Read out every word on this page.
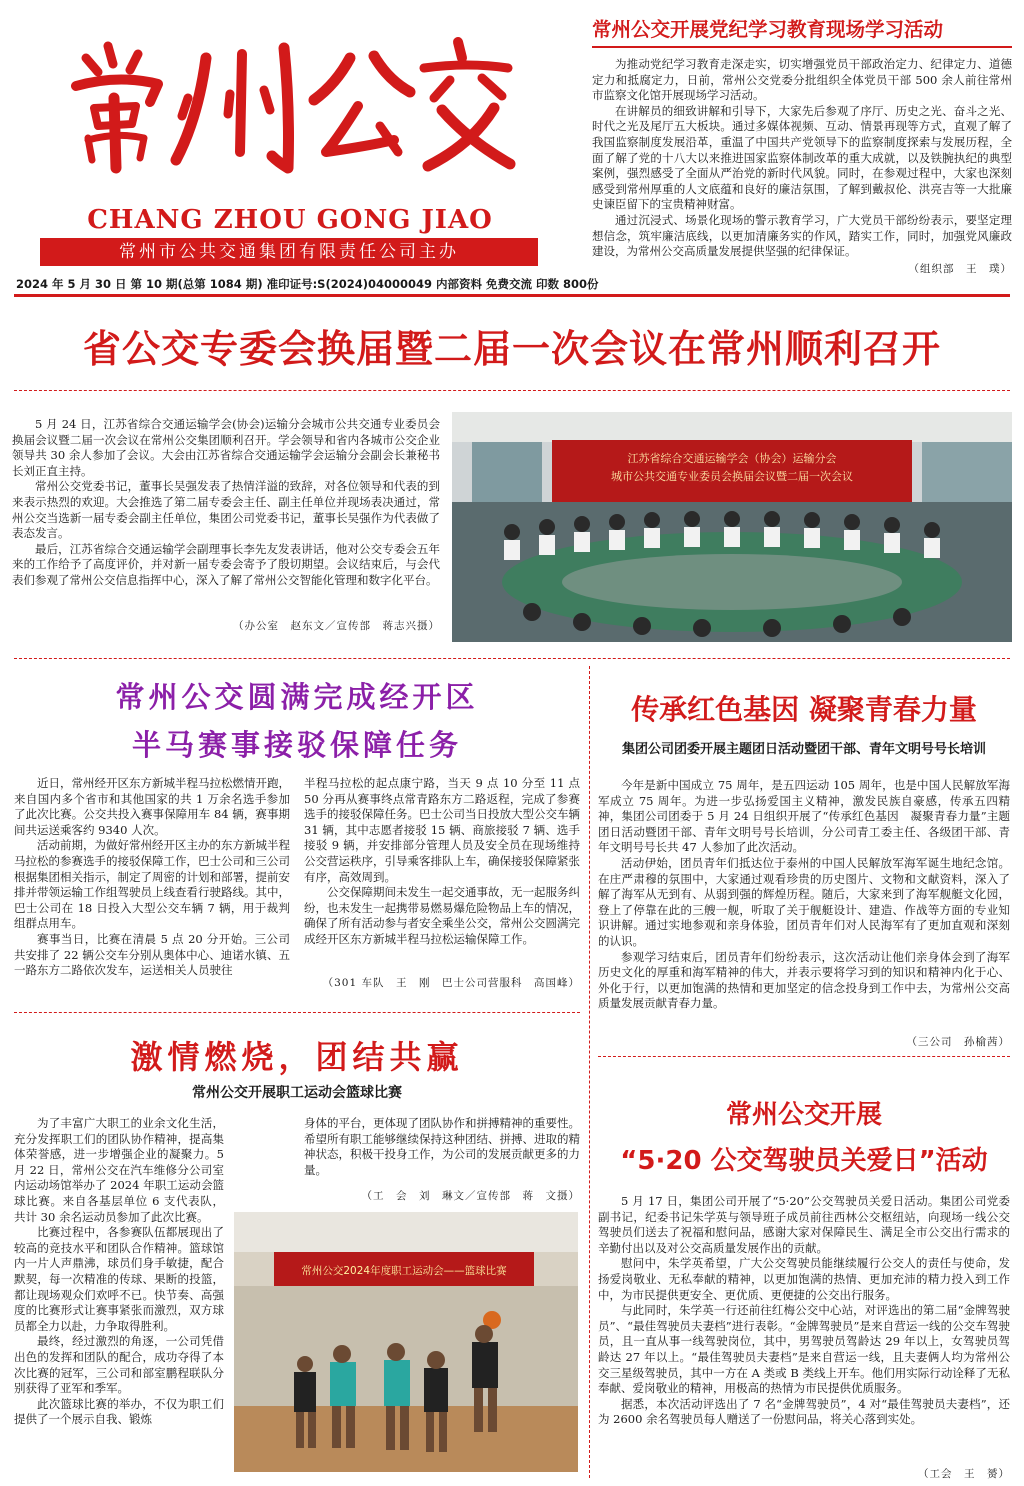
CHANG ZHOU GONG JIAO
常州市公共交通集团有限责任公司主办
2024 年 5 月 30 日 第 10 期(总第 1084 期) 准印证号:S(2024)04000049 内部资料 免费交流 印数 800份
常州公交开展党纪学习教育现场学习活动

为推动党纪学习教育走深走实，切实增强党员干部政治定力、纪律定力、道德定力和抵腐定力，日前，常州公交党委分批组织全体党员干部 500 余人前往常州市监察文化馆开展现场学习活动。

在讲解员的细致讲解和引导下，大家先后参观了序厅、历史之光、奋斗之光、时代之光及尾厅五大板块。通过多媒体视频、互动、情景再现等方式，直观了解了我国监察制度发展沿革，重温了中国共产党领导下的监察制度探索与发展历程，全面了解了党的十八大以来推进国家监察体制改革的重大成就，以及铁腕执纪的典型案例，强烈感受了全面从严治党的新时代风貌。同时，在参观过程中，大家也深刻感受到常州厚重的人文底蕴和良好的廉洁氛围，了解到戴叔伦、洪亮吉等一大批廉史谏臣留下的宝贵精神财富。

通过沉浸式、场景化现场的警示教育学习，广大党员干部纷纷表示，要坚定理想信念，筑牢廉洁底线，以更加清廉务实的作风，踏实工作，同时，加强党风廉政建设，为常州公交高质量发展提供坚强的纪律保证。

（组织部　王　璞）
省公交专委会换届暨二届一次会议在常州顺利召开

5 月 24 日，江苏省综合交通运输学会(协会)运输分会城市公共交通专业委员会换届会议暨二届一次会议在常州公交集团顺利召开。学会领导和省内各城市公交企业领导共 30 余人参加了会议。大会由江苏省综合交通运输学会运输分会副会长兼秘书长刘正直主持。

常州公交党委书记，董事长吴强发表了热情洋溢的致辞，对各位领导和代表的到来表示热烈的欢迎。大会推选了第二届专委会主任、副主任单位并现场表决通过，常州公交当选新一届专委会副主任单位，集团公司党委书记，董事长吴强作为代表做了表态发言。

最后，江苏省综合交通运输学会副理事长李先友发表讲话，他对公交专委会五年来的工作给予了高度评价，并对新一届专委会寄予了殷切期望。会议结束后，与会代表们参观了常州公交信息指挥中心，深入了解了常州公交智能化管理和数字化平台。

（办公室　赵东文／宣传部　蒋志兴摄）
江苏省综合交通运输学会（协会）运输分会
城市公共交通专业委员会换届会议暨二届一次会议
常州公交圆满完成经开区
半马赛事接驳保障任务

近日，常州经开区东方新城半程马拉松燃情开跑，来自国内多个省市和其他国家的共 1 万余名选手参加了此次比赛。公交共投入赛事保障用车 84 辆，赛事期间共运送乘客约 9340 人次。

活动前期，为做好常州经开区主办的东方新城半程马拉松的参赛选手的接驳保障工作，巴士公司和三公司根据集团相关指示，制定了周密的计划和部署，提前安排并带领运输工作组驾驶员上线查看行驶路线。其中，巴士公司在 18 日投入大型公交车辆 7 辆，用于裁判组群点用车。

赛事当日，比赛在清晨 5 点 20 分开始。三公司共安排了 22 辆公交车分别从奥体中心、迪诺水镇、五一路东方二路依次发车，运送相关人员驶往

半程马拉松的起点康宁路，当天 9 点 10 分至 11 点 50 分再从赛事终点常青路东方二路返程，完成了参赛选手的接驳保障任务。巴士公司当日投放大型公交车辆 31 辆，其中志愿者接驳 15 辆、商旅接驳 7 辆、选手接驳 9 辆，并安排部分管理人员及安全员在现场维持公交营运秩序，引导乘客排队上车，确保接驳保障紧张有序，高效周到。

公交保障期间未发生一起交通事故，无一起服务纠纷，也未发生一起携带易燃易爆危险物品上车的情况，确保了所有活动参与者安全乘坐公交，常州公交圆满完成经开区东方新城半程马拉松运输保障工作。

（301 车队　王　刚　巴士公司营服科　高国峰）
传承红色基因 凝聚青春力量
集团公司团委开展主题团日活动暨团干部、青年文明号号长培训

今年是新中国成立 75 周年，是五四运动 105 周年，也是中国人民解放军海军成立 75 周年。为进一步弘扬爱国主义精神，激发民族自豪感，传承五四精神，集团公司团委于 5 月 24 日组织开展了“传承红色基因　凝聚青春力量”主题团日活动暨团干部、青年文明号号长培训，分公司青工委主任、各级团干部、青年文明号号长共 47 人参加了此次活动。

活动伊始，团员青年们抵达位于泰州的中国人民解放军海军诞生地纪念馆。在庄严肃穆的氛围中，大家通过观看珍贵的历史图片、文物和文献资料，深入了解了海军从无到有、从弱到强的辉煌历程。随后，大家来到了海军舰艇文化园，登上了停靠在此的三艘一舰，听取了关于舰艇设计、建造、作战等方面的专业知识讲解。通过实地参观和亲身体验，团员青年们对人民海军有了更加直观和深刻的认识。

参观学习结束后，团员青年们纷纷表示，这次活动让他们亲身体会到了海军历史文化的厚重和海军精神的伟大，并表示要将学习到的知识和精神内化于心、外化于行，以更加饱满的热情和更加坚定的信念投身到工作中去，为常州公交高质量发展贡献青春力量。

（三公司　孙榆茜）
激情燃烧，团结共赢
常州公交开展职工运动会篮球比赛

为了丰富广大职工的业余文化生活，充分发挥职工们的团队协作精神，提高集体荣誉感，进一步增强企业的凝聚力。5 月 22 日，常州公交在汽车维修分公司室内运动场馆举办了 2024 年职工运动会篮球比赛。来自各基层单位 6 支代表队，共计 30 余名运动员参加了此次比赛。

比赛过程中，各参赛队伍都展现出了较高的竞技水平和团队合作精神。篮球馆内一片人声鼎沸，球员们身手敏捷，配合默契，每一次精准的传球、果断的投篮，都让现场观众们欢呼不已。快节奏、高强度的比赛形式让赛事紧张而激烈，双方球员都全力以赴，力争取得胜利。

最终，经过激烈的角逐，一公司凭借出色的发挥和团队的配合，成功夺得了本次比赛的冠军，三公司和部室鹏程联队分别获得了亚军和季军。

此次篮球比赛的举办，不仅为职工们提供了一个展示自我、锻炼

身体的平台，更体现了团队协作和拼搏精神的重要性。希望所有职工能够继续保持这种团结、拼搏、进取的精神状态，积极干投身工作，为公司的发展贡献更多的力量。

（工　会　刘　琳文／宣传部　蒋　文摄）
常州公交2024年度职工运动会——篮球比赛
常州公交开展
“5·20 公交驾驶员关爱日”活动

5 月 17 日，集团公司开展了“5·20”公交驾驶员关爱日活动。集团公司党委副书记，纪委书记朱学英与领导班子成员前往西林公交枢纽站，向现场一线公交驾驶员们送去了祝福和慰问品，感谢大家对保障民生、满足全市公交出行需求的辛勤付出以及对公交高质量发展作出的贡献。

慰问中，朱学英希望，广大公交驾驶员能继续履行公交人的责任与使命，发扬爱岗敬业、无私奉献的精神，以更加饱满的热情、更加充沛的精力投入到工作中，为市民提供更安全、更优质、更便捷的公交出行服务。

与此同时，朱学英一行还前往红梅公交中心站，对评选出的第二届“金牌驾驶员”、“最佳驾驶员夫妻档”进行表彰。“金牌驾驶员”是来自营运一线的公交车驾驶员，且一直从事一线驾驶岗位，其中，男驾驶员驾龄达 29 年以上，女驾驶员驾龄达 27 年以上。“最佳驾驶员夫妻档”是来自营运一线，且夫妻俩人均为常州公交三星级驾驶员，其中一方在 A 类或 B 类线上开车。他们用实际行动诠释了无私奉献、爱岗敬业的精神，用极高的热情为市民提供优质服务。

据悉，本次活动评选出了 7 名“金牌驾驶员”，4 对“最佳驾驶员夫妻档”，还为 2600 余名驾驶员每人赠送了一份慰问品，将关心落到实处。

（工会　王　赟）
